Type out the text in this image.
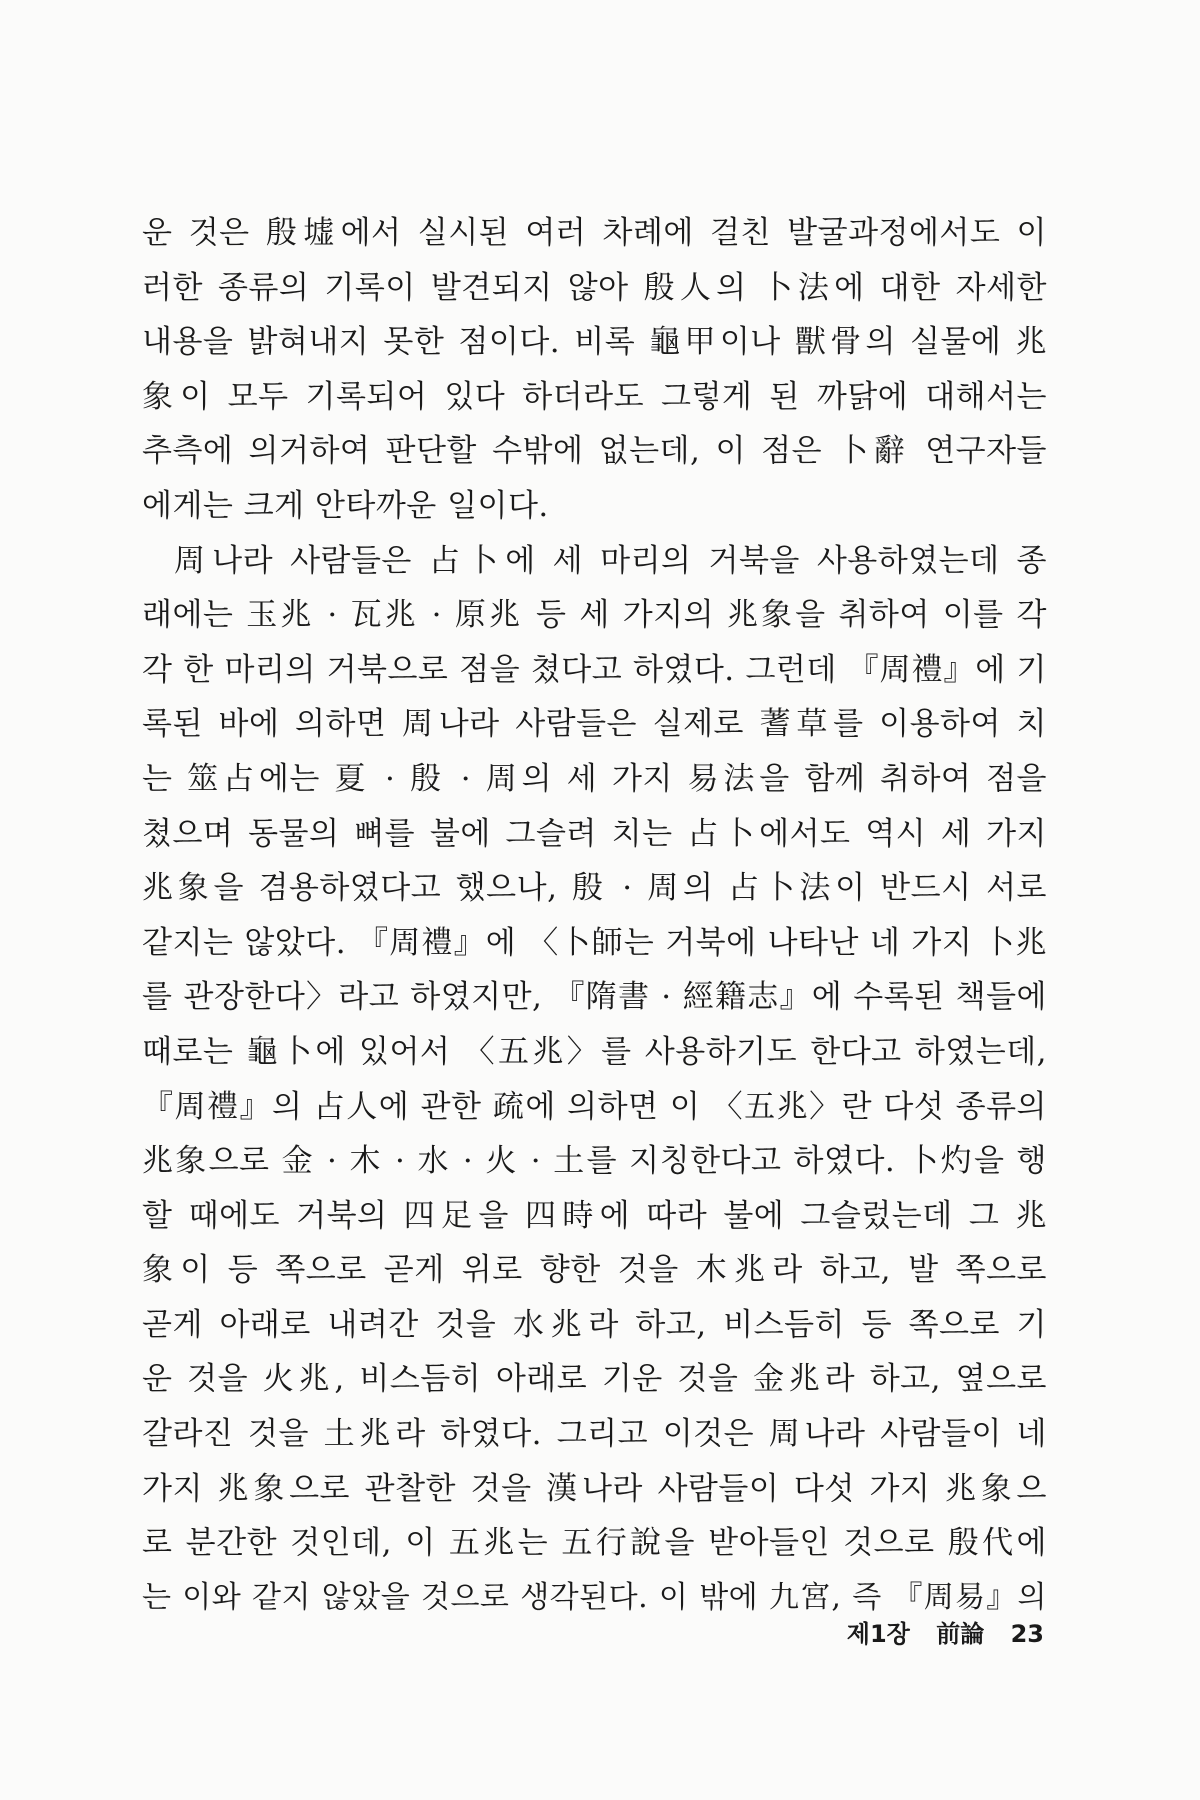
운 것은 殷墟에서 실시된 여러 차례에 걸친 발굴과정에서도 이
러한 종류의 기록이 발견되지 않아 殷人의 卜法에 대한 자세한
내용을 밝혀내지 못한 점이다. 비록 龜甲이나 獸骨의 실물에 兆
象이 모두 기록되어 있다 하더라도 그렇게 된 까닭에 대해서는
추측에 의거하여 판단할 수밖에 없는데, 이 점은 卜辭 연구자들
에게는 크게 안타까운 일이다.
周나라 사람들은 占卜에 세 마리의 거북을 사용하였는데 종
래에는 玉兆 · 瓦兆 · 原兆 등 세 가지의 兆象을 취하여 이를 각
각 한 마리의 거북으로 점을 쳤다고 하였다. 그런데 『周禮』에 기
록된 바에 의하면 周나라 사람들은 실제로 蓍草를 이용하여 치
는 筮占에는 夏 · 殷 · 周의 세 가지 易法을 함께 취하여 점을
쳤으며 동물의 뼈를 불에 그슬려 치는 占卜에서도 역시 세 가지
兆象을 겸용하였다고 했으나, 殷 · 周의 占卜法이 반드시 서로
같지는 않았다. 『周禮』에 〈卜師는 거북에 나타난 네 가지 卜兆
를 관장한다〉라고 하였지만, 『隋書 · 經籍志』에 수록된 책들에
때로는 龜卜에 있어서 〈五兆〉를 사용하기도 한다고 하였는데,
『周禮』의 占人에 관한 疏에 의하면 이 〈五兆〉란 다섯 종류의
兆象으로 金 · 木 · 水 · 火 · 土를 지칭한다고 하였다. 卜灼을 행
할 때에도 거북의 四足을 四時에 따라 불에 그슬렀는데 그 兆
象이 등 쪽으로 곧게 위로 향한 것을 木兆라 하고, 발 쪽으로
곧게 아래로 내려간 것을 水兆라 하고, 비스듬히 등 쪽으로 기
운 것을 火兆, 비스듬히 아래로 기운 것을 金兆라 하고, 옆으로
갈라진 것을 土兆라 하였다. 그리고 이것은 周나라 사람들이 네
가지 兆象으로 관찰한 것을 漢나라 사람들이 다섯 가지 兆象으
로 분간한 것인데, 이 五兆는 五行說을 받아들인 것으로 殷代에
는 이와 같지 않았을 것으로 생각된다. 이 밖에 九宮, 즉 『周易』의
제1장 前論 23
